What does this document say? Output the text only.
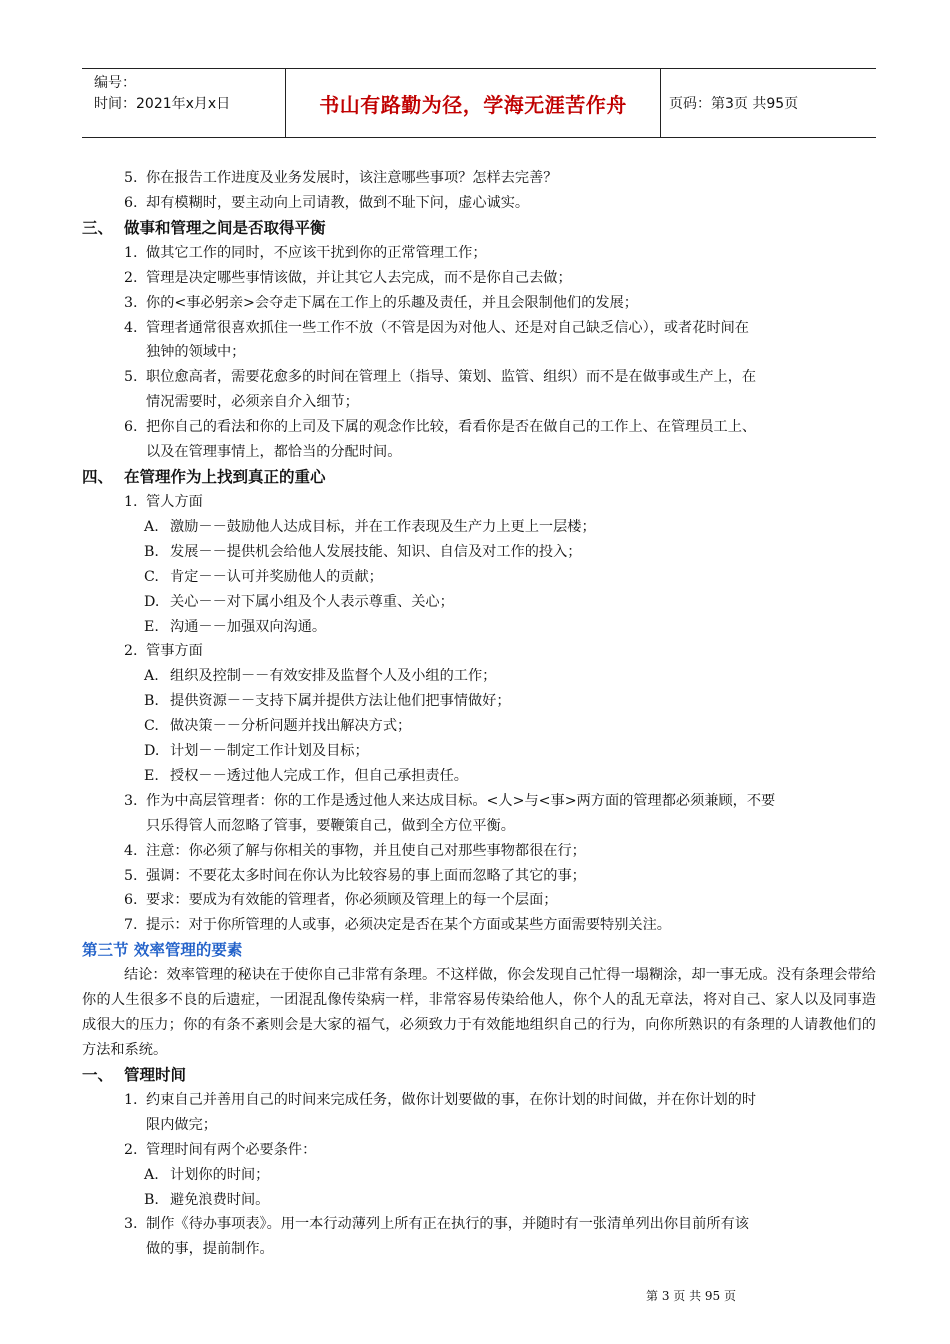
编号：
时间：2021年x月x日	书山有路勤为径，学海无涯苦作舟	页码：第3页 共95页
5. 你在报告工作进度及业务发展时，该注意哪些事项？怎样去完善？
6. 却有模糊时，要主动向上司请教，做到不耻下问，虚心诚实。
三、 做事和管理之间是否取得平衡
1. 做其它工作的同时，不应该干扰到你的正常管理工作；
2. 管理是决定哪些事情该做，并让其它人去完成，而不是你自己去做；
3. 你的<事必躬亲>会夺走下属在工作上的乐趣及责任，并且会限制他们的发展；
4. 管理者通常很喜欢抓住一些工作不放（不管是因为对他人、还是对自己缺乏信心），或者花时间在
独钟的领域中；
5. 职位愈高者，需要花愈多的时间在管理上（指导、策划、监管、组织）而不是在做事或生产上，在
情况需要时，必须亲自介入细节；
6. 把你自己的看法和你的上司及下属的观念作比较，看看你是否在做自己的工作上、在管理员工上、
以及在管理事情上，都恰当的分配时间。
四、 在管理作为上找到真正的重心
1. 管人方面
A. 激励－－鼓励他人达成目标，并在工作表现及生产力上更上一层楼；
B. 发展－－提供机会给他人发展技能、知识、自信及对工作的投入；
C. 肯定－－认可并奖励他人的贡献；
D. 关心－－对下属小组及个人表示尊重、关心；
E. 沟通－－加强双向沟通。
2. 管事方面
A. 组织及控制－－有效安排及监督个人及小组的工作；
B. 提供资源－－支持下属并提供方法让他们把事情做好；
C. 做决策－－分析问题并找出解决方式；
D. 计划－－制定工作计划及目标；
E. 授权－－透过他人完成工作，但自己承担责任。
3. 作为中高层管理者：你的工作是透过他人来达成目标。<人>与<事>两方面的管理都必须兼顾，不要
只乐得管人而忽略了管事，要鞭策自己，做到全方位平衡。
4. 注意：你必须了解与你相关的事物，并且使自己对那些事物都很在行；
5. 强调：不要花太多时间在你认为比较容易的事上面而忽略了其它的事；
6. 要求：要成为有效能的管理者，你必须顾及管理上的每一个层面；
7. 提示：对于你所管理的人或事，必须决定是否在某个方面或某些方面需要特别关注。
第三节 效率管理的要素
结论：效率管理的秘诀在于使你自己非常有条理。不这样做，你会发现自己忙得一塌糊涂，却一事无成。没有条理会带给你的人生很多不良的后遗症，一团混乱像传染病一样，非常容易传染给他人，你个人的乱无章法，将对自己、家人以及同事造成很大的压力；你的有条不紊则会是大家的福气，必须致力于有效能地组织自己的行为，向你所熟识的有条理的人请教他们的方法和系统。
一、 管理时间
1. 约束自己并善用自己的时间来完成任务，做你计划要做的事，在你计划的时间做，并在你计划的时
限内做完；
2. 管理时间有两个必要条件：
A. 计划你的时间；
B. 避免浪费时间。
3. 制作《待办事项表》。用一本行动薄列上所有正在执行的事，并随时有一张清单列出你目前所有该
做的事，提前制作。
第 3 页 共 95 页
